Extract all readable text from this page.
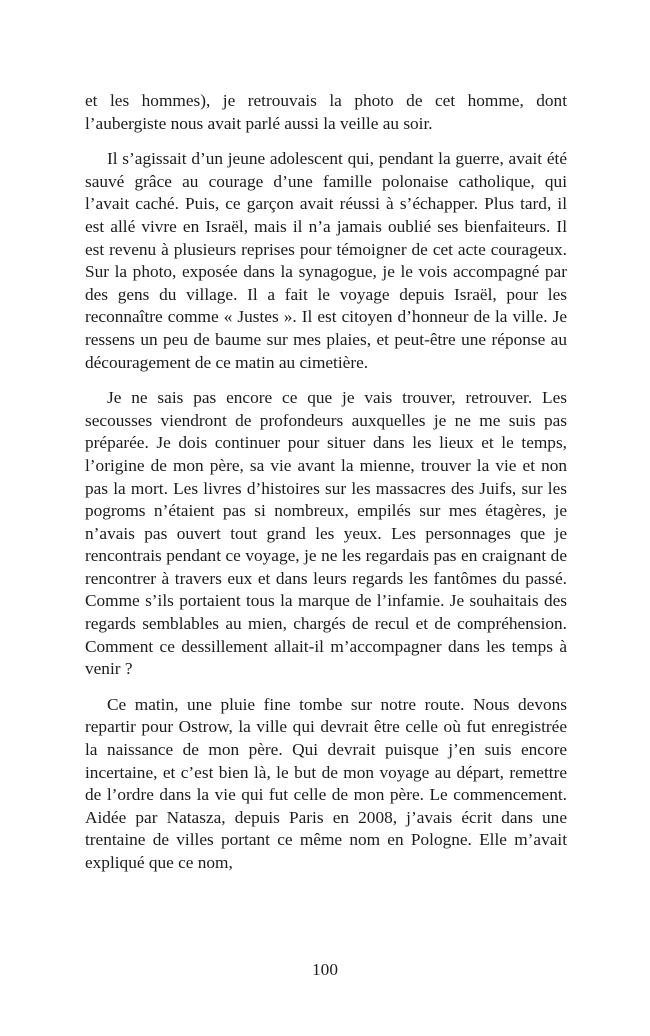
et les hommes), je retrouvais la photo de cet homme, dont l’aubergiste nous avait parlé aussi la veille au soir.

Il s’agissait d’un jeune adolescent qui, pendant la guerre, avait été sauvé grâce au courage d’une famille polonaise catholique, qui l’avait caché. Puis, ce garçon avait réussi à s’échapper. Plus tard, il est allé vivre en Israël, mais il n’a jamais oublié ses bienfaiteurs. Il est revenu à plusieurs reprises pour témoigner de cet acte courageux. Sur la photo, exposée dans la synagogue, je le vois accompagné par des gens du village. Il a fait le voyage depuis Israël, pour les reconnaître comme « Justes ». Il est citoyen d’honneur de la ville. Je ressens un peu de baume sur mes plaies, et peut-être une réponse au découragement de ce matin au cimetière.

Je ne sais pas encore ce que je vais trouver, retrouver. Les secousses viendront de profondeurs auxquelles je ne me suis pas préparée. Je dois continuer pour situer dans les lieux et le temps, l’origine de mon père, sa vie avant la mienne, trouver la vie et non pas la mort. Les livres d’histoires sur les massacres des Juifs, sur les pogroms n’étaient pas si nombreux, empilés sur mes étagères, je n’avais pas ouvert tout grand les yeux. Les personnages que je rencontrais pendant ce voyage, je ne les regardais pas en craignant de rencontrer à travers eux et dans leurs regards les fantômes du passé. Comme s’ils portaient tous la marque de l’infamie. Je souhaitais des regards semblables au mien, chargés de recul et de compréhension. Comment ce dessillement allait-il m’accompagner dans les temps à venir ?

Ce matin, une pluie fine tombe sur notre route. Nous devons repartir pour Ostrow, la ville qui devrait être celle où fut enregistrée la naissance de mon père. Qui devrait puisque j’en suis encore incertaine, et c’est bien là, le but de mon voyage au départ, remettre de l’ordre dans la vie qui fut celle de mon père. Le commencement. Aidée par Natasza, depuis Paris en 2008, j’avais écrit dans une trentaine de villes portant ce même nom en Pologne. Elle m’avait expliqué que ce nom,

100
